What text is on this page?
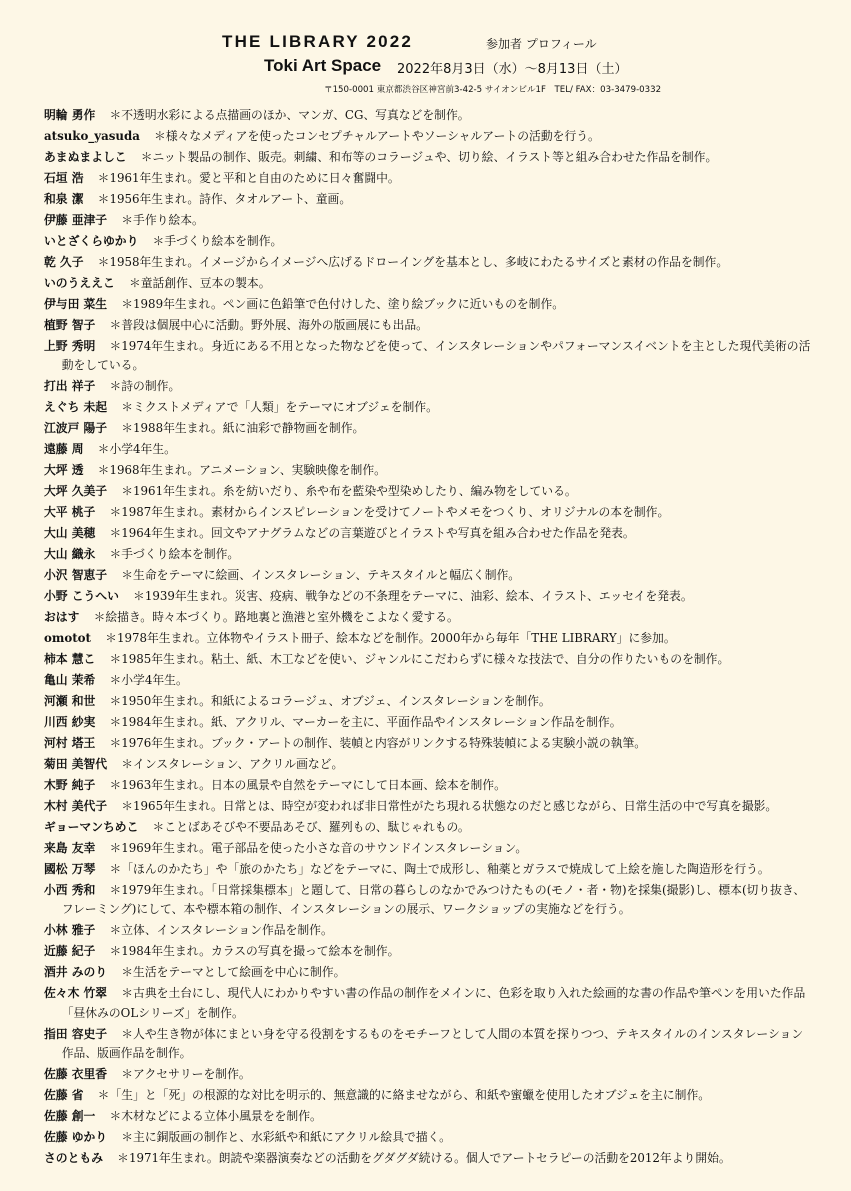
THE LIBRARY 2022	参加者 プロフィール
Toki Art Space 2022年8月3日（水）〜8月13日（土）
〒150-0001 東京都渋谷区神宮前3-42-5 サイオンビル1F　TEL/ FAX：03-3479-0332
明輪 勇作 ＊不透明水彩による点描画のほか、マンガ、CG、写真などを制作。
atsuko_yasuda ＊様々なメディアを使ったコンセプチャルアートやソーシャルアートの活動を行う。
あまぬまよしこ ＊ニット製品の制作、販売。刺繍、和布等のコラージュや、切り絵、イラスト等と組み合わせた作品を制作。
石垣 浩 ＊1961年生まれ。愛と平和と自由のために日々奮闘中。
和泉 潔 ＊1956年生まれ。詩作、タオルアート、童画。
伊藤 亜津子 ＊手作り絵本。
いとざくらゆかり ＊手づくり絵本を制作。
乾 久子 ＊1958年生まれ。イメージからイメージへ広げるドローイングを基本とし、多岐にわたるサイズと素材の作品を制作。
いのうええこ ＊童話創作、豆本の製本。
伊与田 菜生 ＊1989年生まれ。ペン画に色鉛筆で色付けした、塗り絵ブックに近いものを制作。
植野 智子 ＊普段は個展中心に活動。野外展、海外の版画展にも出品。
上野 秀明 ＊1974年生まれ。身近にある不用となった物などを使って、インスタレーションやパフォーマンスイベントを主とした現代美術の活動をしている。
打出 祥子 ＊詩の制作。
えぐち 未起 ＊ミクストメディアで「人類」をテーマにオブジェを制作。
江波戸 陽子 ＊1988年生まれ。紙に油彩で静物画を制作。
遠藤 周 ＊小学4年生。
大坪 透 ＊1968年生まれ。アニメーション、実験映像を制作。
大坪 久美子 ＊1961年生まれ。糸を紡いだり、糸や布を藍染や型染めしたり、編み物をしている。
大平 桃子 ＊1987年生まれ。素材からインスピレーションを受けてノートやメモをつくり、オリジナルの本を制作。
大山 美穂 ＊1964年生まれ。回文やアナグラムなどの言葉遊びとイラストや写真を組み合わせた作品を発表。
大山 織永 ＊手づくり絵本を制作。
小沢 智恵子 ＊生命をテーマに絵画、インスタレーション、テキスタイルと幅広く制作。
小野 こうへい ＊1939年生まれ。災害、疫病、戦争などの不条理をテーマに、油彩、絵本、イラスト、エッセイを発表。
おはす ＊絵描き。時々本づくり。路地裏と漁港と室外機をこよなく愛する。
omotot ＊1978年生まれ。立体物やイラスト冊子、絵本などを制作。2000年から毎年「THE LIBRARY」に参加。
柿本 慧こ ＊1985年生まれ。粘土、紙、木工などを使い、ジャンルにこだわらずに様々な技法で、自分の作りたいものを制作。
亀山 茉希 ＊小学4年生。
河瀬 和世 ＊1950年生まれ。和紙によるコラージュ、オブジェ、インスタレーションを制作。
川西 紗実 ＊1984年生まれ。紙、アクリル、マーカーを主に、平面作品やインスタレーション作品を制作。
河村 塔王 ＊1976年生まれ。ブック・アートの制作、装幀と内容がリンクする特殊装幀による実験小説の執筆。
菊田 美智代 ＊インスタレーション、アクリル画など。
木野 純子 ＊1963年生まれ。日本の風景や自然をテーマにして日本画、絵本を制作。
木村 美代子 ＊1965年生まれ。日常とは、時空が変われば非日常性がたち現れる状態なのだと感じながら、日常生活の中で写真を撮影。
ギョーマンちめこ ＊ことばあそびや不要品あそび、羅列もの、駄じゃれもの。
来島 友幸 ＊1969年生まれ。電子部品を使った小さな音のサウンドインスタレーション。
國松 万琴 ＊「ほんのかたち」や「旅のかたち」などをテーマに、陶土で成形し、釉薬とガラスで焼成して上絵を施した陶造形を行う。
小西 秀和 ＊1979年生まれ。「日常採集標本」と題して、日常の暮らしのなかでみつけたもの(モノ・者・物)を採集(撮影)し、標本(切り抜き、フレーミング)にして、本や標本箱の制作、インスタレーションの展示、ワークショップの実施などを行う。
小林 雅子 ＊立体、インスタレーション作品を制作。
近藤 紀子 ＊1984年生まれ。カラスの写真を撮って絵本を制作。
酒井 みのり ＊生活をテーマとして絵画を中心に制作。
佐々木 竹翠 ＊古典を土台にし、現代人にわかりやすい書の作品の制作をメインに、色彩を取り入れた絵画的な書の作品や筆ペンを用いた作品「昼休みのOLシリーズ」を制作。
指田 容史子 ＊人や生き物が体にまとい身を守る役割をするものをモチーフとして人間の本質を探りつつ、テキスタイルのインスタレーション作品、版画作品を制作。
佐藤 衣里香 ＊アクセサリーを制作。
佐藤 省 ＊「生」と「死」の根源的な対比を明示的、無意識的に絡ませながら、和紙や蜜蠟を使用したオブジェを主に制作。
佐藤 創一 ＊木材などによる立体小風景をを制作。
佐藤 ゆかり ＊主に銅版画の制作と、水彩紙や和紙にアクリル絵具で描く。
さのともみ ＊1971年生まれ。朗読や楽器演奏などの活動をグダグダ続ける。個人でアートセラピーの活動を2012年より開始。
